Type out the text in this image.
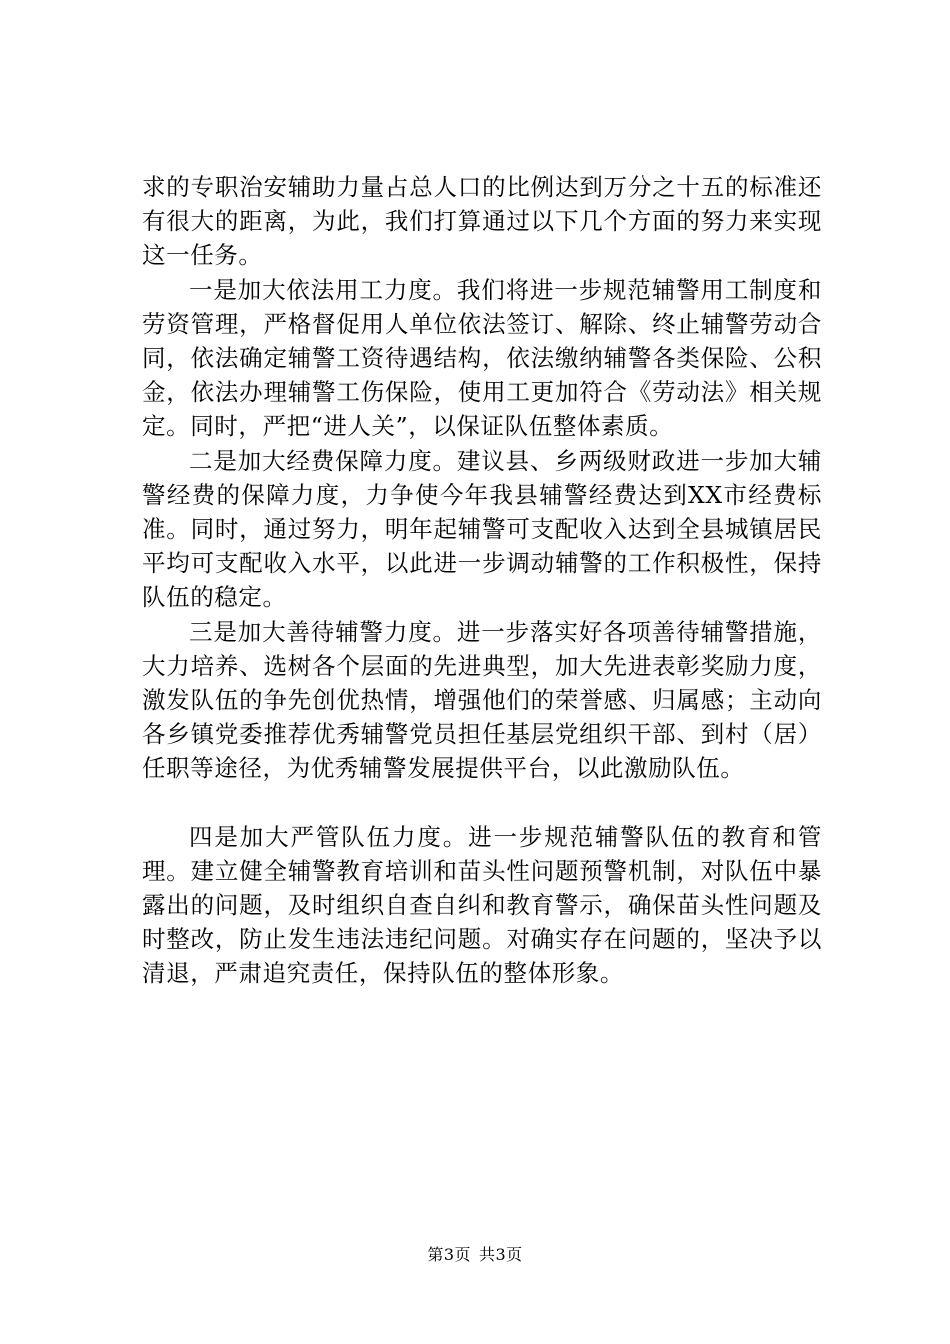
求的专职治安辅助力量占总人口的比例达到万分之十五的标准还有很大的距离，为此，我们打算通过以下几个方面的努力来实现这一任务。

一是加大依法用工力度。我们将进一步规范辅警用工制度和劳资管理，严格督促用人单位依法签订、解除、终止辅警劳动合同，依法确定辅警工资待遇结构，依法缴纳辅警各类保险、公积金，依法办理辅警工伤保险，使用工更加符合《劳动法》相关规定。同时，严把“进人关”，以保证队伍整体素质。

二是加大经费保障力度。建议县、乡两级财政进一步加大辅警经费的保障力度，力争使今年我县辅警经费达到XX市经费标准。同时，通过努力，明年起辅警可支配收入达到全县城镇居民平均可支配收入水平，以此进一步调动辅警的工作积极性，保持队伍的稳定。

三是加大善待辅警力度。进一步落实好各项善待辅警措施，大力培养、选树各个层面的先进典型，加大先进表彰奖励力度，激发队伍的争先创优热情，增强他们的荣誉感、归属感；主动向各乡镇党委推荐优秀辅警党员担任基层党组织干部、到村（居）任职等途径，为优秀辅警发展提供平台，以此激励队伍。

四是加大严管队伍力度。进一步规范辅警队伍的教育和管理。建立健全辅警教育培训和苗头性问题预警机制，对队伍中暴露出的问题，及时组织自查自纠和教育警示，确保苗头性问题及时整改，防止发生违法违纪问题。对确实存在问题的，坚决予以清退，严肃追究责任，保持队伍的整体形象。

第3页 共3页
